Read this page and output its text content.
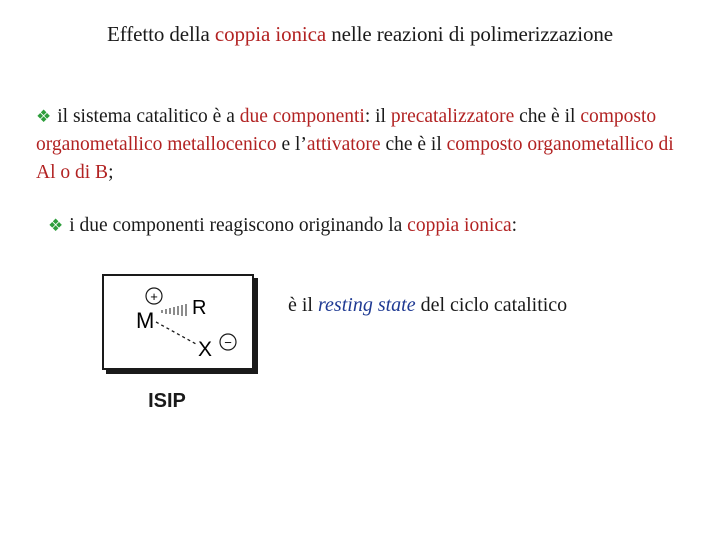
Effetto della coppia ionica nelle reazioni di polimerizzazione
❖ il sistema catalitico è a due componenti: il precatalizzatore che è il composto organometallico metallocenico e l’attivatore che è il composto organometallico di Al o di B;
❖ i due componenti reagiscono originando la coppia ionica:
+
M R
X −
ISIP
è il resting state del ciclo catalitico
